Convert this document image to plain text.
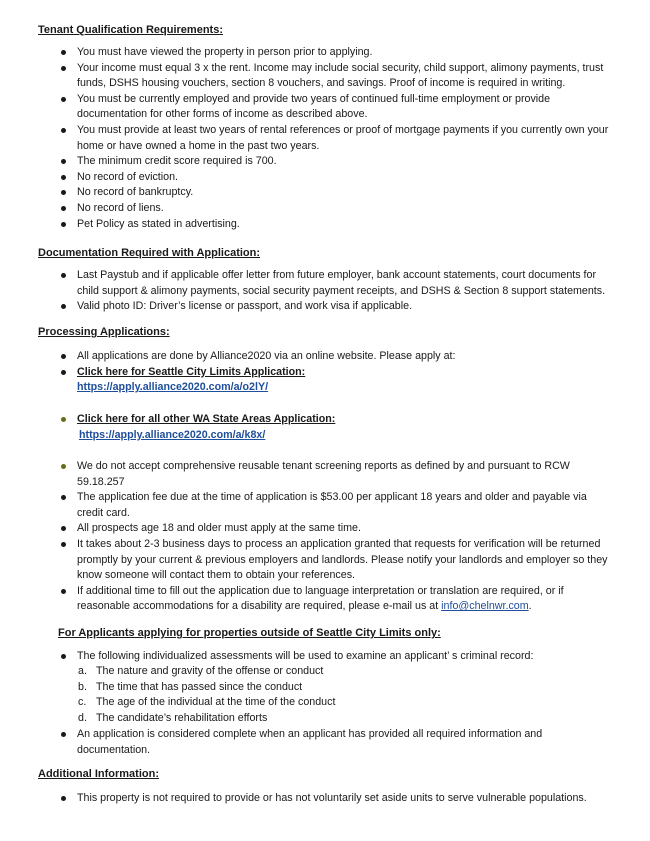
Tenant Qualification Requirements:
You must have viewed the property in person prior to applying.
Your income must equal 3 x the rent. Income may include social security, child support, alimony payments, trust funds, DSHS housing vouchers, section 8 vouchers, and savings. Proof of income is required in writing.
You must be currently employed and provide two years of continued full-time employment or provide documentation for other forms of income as described above.
You must provide at least two years of rental references or proof of mortgage payments if you currently own your home or have owned a home in the past two years.
The minimum credit score required is 700.
No record of eviction.
No record of bankruptcy.
No record of liens.
Pet Policy as stated in advertising.
Documentation Required with Application:
Last Paystub and if applicable offer letter from future employer, bank account statements, court documents for child support & alimony payments, social security payment receipts, and DSHS & Section 8 support statements.
Valid photo ID: Driver’s license or passport, and work visa if applicable.
Processing Applications:
All applications are done by Alliance2020 via an online website. Please apply at:
Click here for Seattle City Limits Application:
https://apply.alliance2020.com/a/o2lY/
Click here for all other WA State Areas Application:
https://apply.alliance2020.com/a/k8x/
We do not accept comprehensive reusable tenant screening reports as defined by and pursuant to RCW 59.18.257
The application fee due at the time of application is $53.00 per applicant 18 years and older and payable via credit card.
All prospects age 18 and older must apply at the same time.
It takes about 2-3 business days to process an application granted that requests for verification will be returned promptly by your current & previous employers and landlords. Please notify your landlords and employer so they know someone will contact them to obtain your references.
If additional time to fill out the application due to language interpretation or translation are required, or if reasonable accommodations for a disability are required, please e-mail us at info@chelnwr.com.
For Applicants applying for properties outside of Seattle City Limits only:
The following individualized assessments will be used to examine an applicant’ s criminal record:
a. The nature and gravity of the offense or conduct
b. The time that has passed since the conduct
c. The age of the individual at the time of the conduct
d. The candidate’s rehabilitation efforts
An application is considered complete when an applicant has provided all required information and documentation.
Additional Information:
This property is not required to provide or has not voluntarily set aside units to serve vulnerable populations.
